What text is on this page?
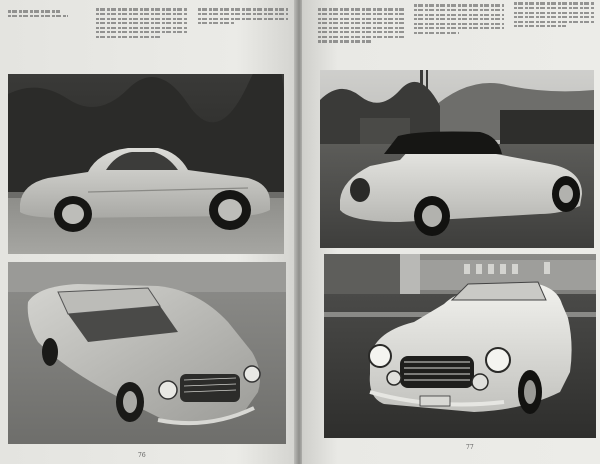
76
77
